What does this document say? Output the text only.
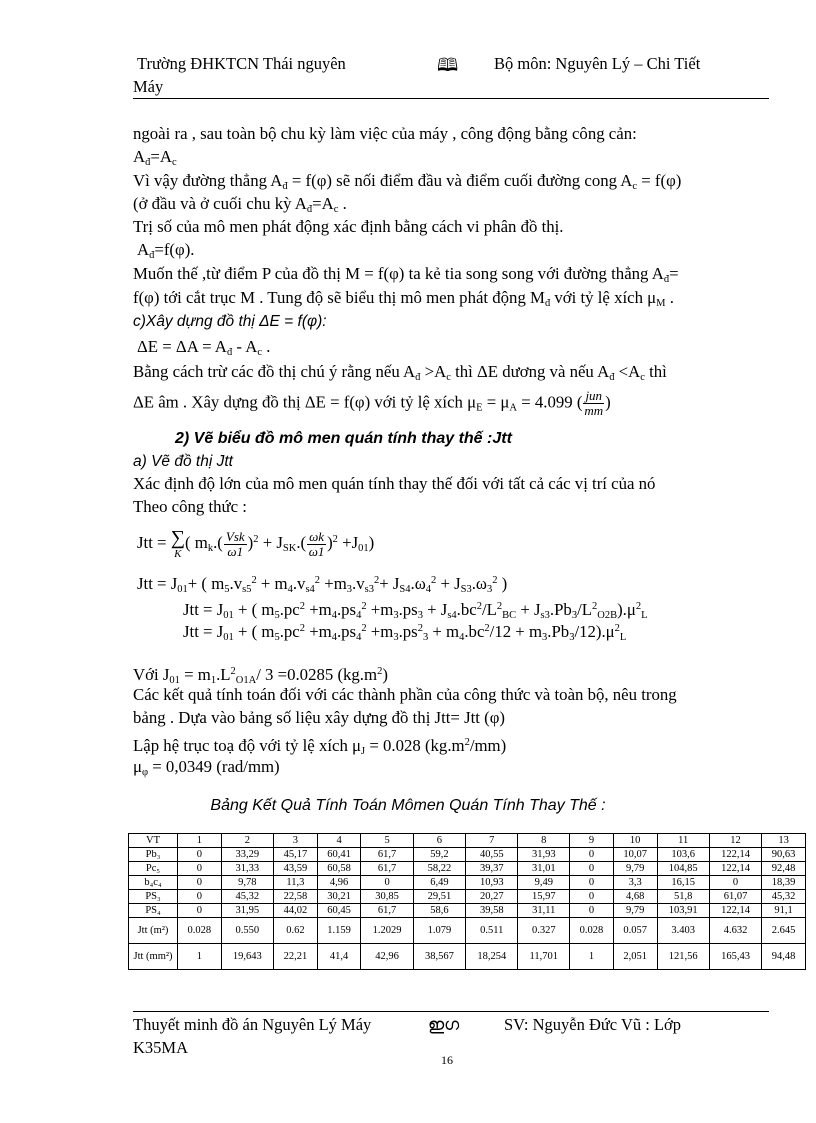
Trường ĐHKTCN Thái nguyên	🕮 Bộ môn: Nguyên Lý – Chi Tiết
Máy
ngoài ra , sau toàn bộ chu kỳ làm việc của máy , công động bằng công cản:
$A_đ=A_c$
Vì vậy đường thẳng $A_đ = f(\varphi)$ sẽ nối điểm đầu và điểm cuối đường cong $A_c = f(\varphi)$
(ở đầu và ở cuối chu kỳ $A_đ=A_c$ .
Trị số của mô men phát động xác định bằng cách vi phân đồ thị.
$A_đ=f(\varphi)$.
Muốn thế ,từ điểm P của đồ thị M = f(φ) ta kẻ tia song song với đường thẳng $A_đ=$
f(φ) tới cắt trục M . Tung độ sẽ biểu thị mô men phát động $M_đ$ với tỷ lệ xích $\mu_M$ .
c)Xây dựng đồ thị ΔE = f(φ):
$\Delta E = \Delta A = A_đ - A_c$ .
Bằng cách trừ các đồ thị chú ý rằng nếu $A_đ >A_c$ thì ΔE dương và nếu $A_đ <A_c$ thì
ΔE âm . Xây dựng đồ thị ΔE = f(φ) với tỷ lệ xích $\mu_E = \mu_A = 4.099$ ( $\frac{\text{jun}}{mm}$ )
2) Vẽ biểu đồ mô men quán tính thay thế :Jtt
a) Vẽ đồ thị Jtt
Xác định độ lớn của mô men quán tính thay thế đối với tất cả các vị trí của nó
Theo công thức :
Jtt = ∑
K
( $m_k.( \frac{\text{Vsk}}{\omega 1} )^2 + J_{SK}.( \frac{\omega k}{\omega 1} )^2 +J_{01}$)
Jtt = $J_{01}+$ ( $m_5.v_{s5}^2 + m_4.v_{s4}^2 +m_3.v_{s3}^2+ J_{S4}.\omega_4^2 + J_{S3}.\omega_3^2$ )
Jtt = $J_{01}$ + ( $m_5.pc^2 +m_4.ps_4^2 +m_3.ps_3 + J_{s4}.bc^2/L^2_{BC} + J_{s3}.Pb_3/L^2_{O2B}).\mu^2_L$
Jtt = $J_{01}$ + ( $m_5.pc^2 +m_4.ps_4^2 +m_3.ps^2_3 + m_4.bc^2/12 + m_3.Pb_3/12).\mu^2_L$
Với $J_{01} = m_1.L^2_{O1A}/$ 3 =0.0285 $(kg.m^2)$
Các kết quả tính toán đối với các thành phần của công thức và toàn bộ, nêu trong
bảng . Dựa vào bảng số liệu xây dựng đồ thị Jtt= Jtt (φ)
Lập hệ trục toạ độ với tỷ lệ xích $\mu_J = 0.028$ $(kg.m^2/mm)$
$\mu_\varphi = 0,0349$ (rad/mm)
Bảng Kết Quả Tính Toán Mômen Quán Tính Thay Thế :
VT	1	2	3	4	5	6	7	8	9	10	11	12	13
Pb₃	0	33,29	45,17	60,41	61,7	59,2	40,55	31,93	0	10,07	103,6	122,14	90,63
Pc₅	0	31,33	43,59	60,58	61,7	58,22	39,37	31,01	0	9,79	104,85	122,14	92,48
b₄c₄	0	9,78	11,3	4,96	0	6,49	10,93	9,49	0	3,3	16,15	0	18,39
PS₃	0	45,32	22,58	30,21	30,85	29,51	20,27	15,97	0	4,68	51,8	61,07	45,32
PS₄	0	31,95	44,02	60,45	61,7	58,6	39,58	31,11	0	9,79	103,91	122,14	91,1
Jtt (m²)	0.028	0.550	0.62	1.159	1.2029	1.079	0.511	0.327	0.028	0.057	3.403	4.632	2.645
Jtt (mm²)	1	19,643	22,21	41,4	42,96	38,567	18,254	11,701	1	2,051	121,56	165,43	94,48
Thuyết minh đồ án Nguyên Lý Máy	ഇഗ	SV: Nguyễn Đức Vũ : Lớp
K35MA
16
